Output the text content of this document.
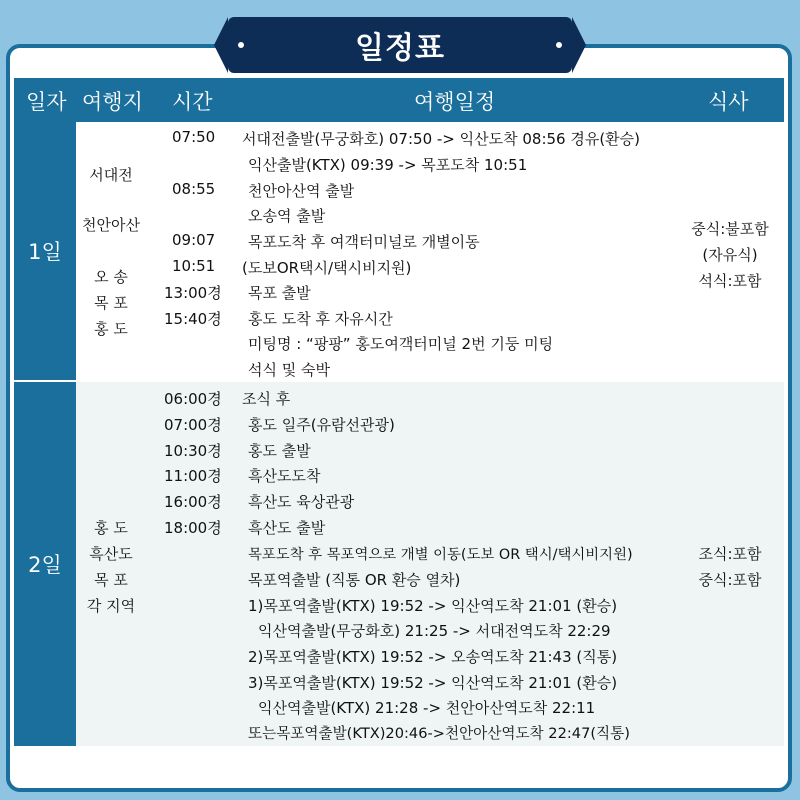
일정표
일자 여행지 시간	여행일정	식사
1일
2일
서대전
천안아산
오 송
목 포
홍 도
07:50
08:55
09:07
10:51
13:00경
15:40경
서대전출발(무궁화호) 07:50 -> 익산도착 08:56 경유(환승)
익산출발(KTX) 09:39 -> 목포도착 10:51
천안아산역 출발
오송역 출발
목포도착 후 여객터미널로 개별이동
(도보OR택시/택시비지원)
목포 출발
홍도 도착 후 자유시간
미팅명 : “팡팡” 홍도여객터미널 2번 기둥 미팅
석식 및 숙박
중식:불포함
(자유식)
석식:포함
홍 도
흑산도
목 포
각 지역
06:00경
07:00경
10:30경
11:00경
16:00경
18:00경
조식 후
홍도 일주(유람선관광)
홍도 출발
흑산도도착
흑산도 육상관광
흑산도 출발
목포도착 후 목포역으로 개별 이동(도보 OR 택시/택시비지원)
목포역출발 (직통 OR 환승 열차)
1)목포역출발(KTX) 19:52 -> 익산역도착 21:01 (환승)
익산역출발(무궁화호) 21:25 -> 서대전역도착 22:29
2)목포역출발(KTX) 19:52 -> 오송역도착 21:43 (직통)
3)목포역출발(KTX) 19:52 -> 익산역도착 21:01 (환승)
익산역출발(KTX) 21:28 -> 천안아산역도착 22:11
또는목포역출발(KTX)20:46->천안아산역도착 22:47(직통)
조식:포함
중식:포함
